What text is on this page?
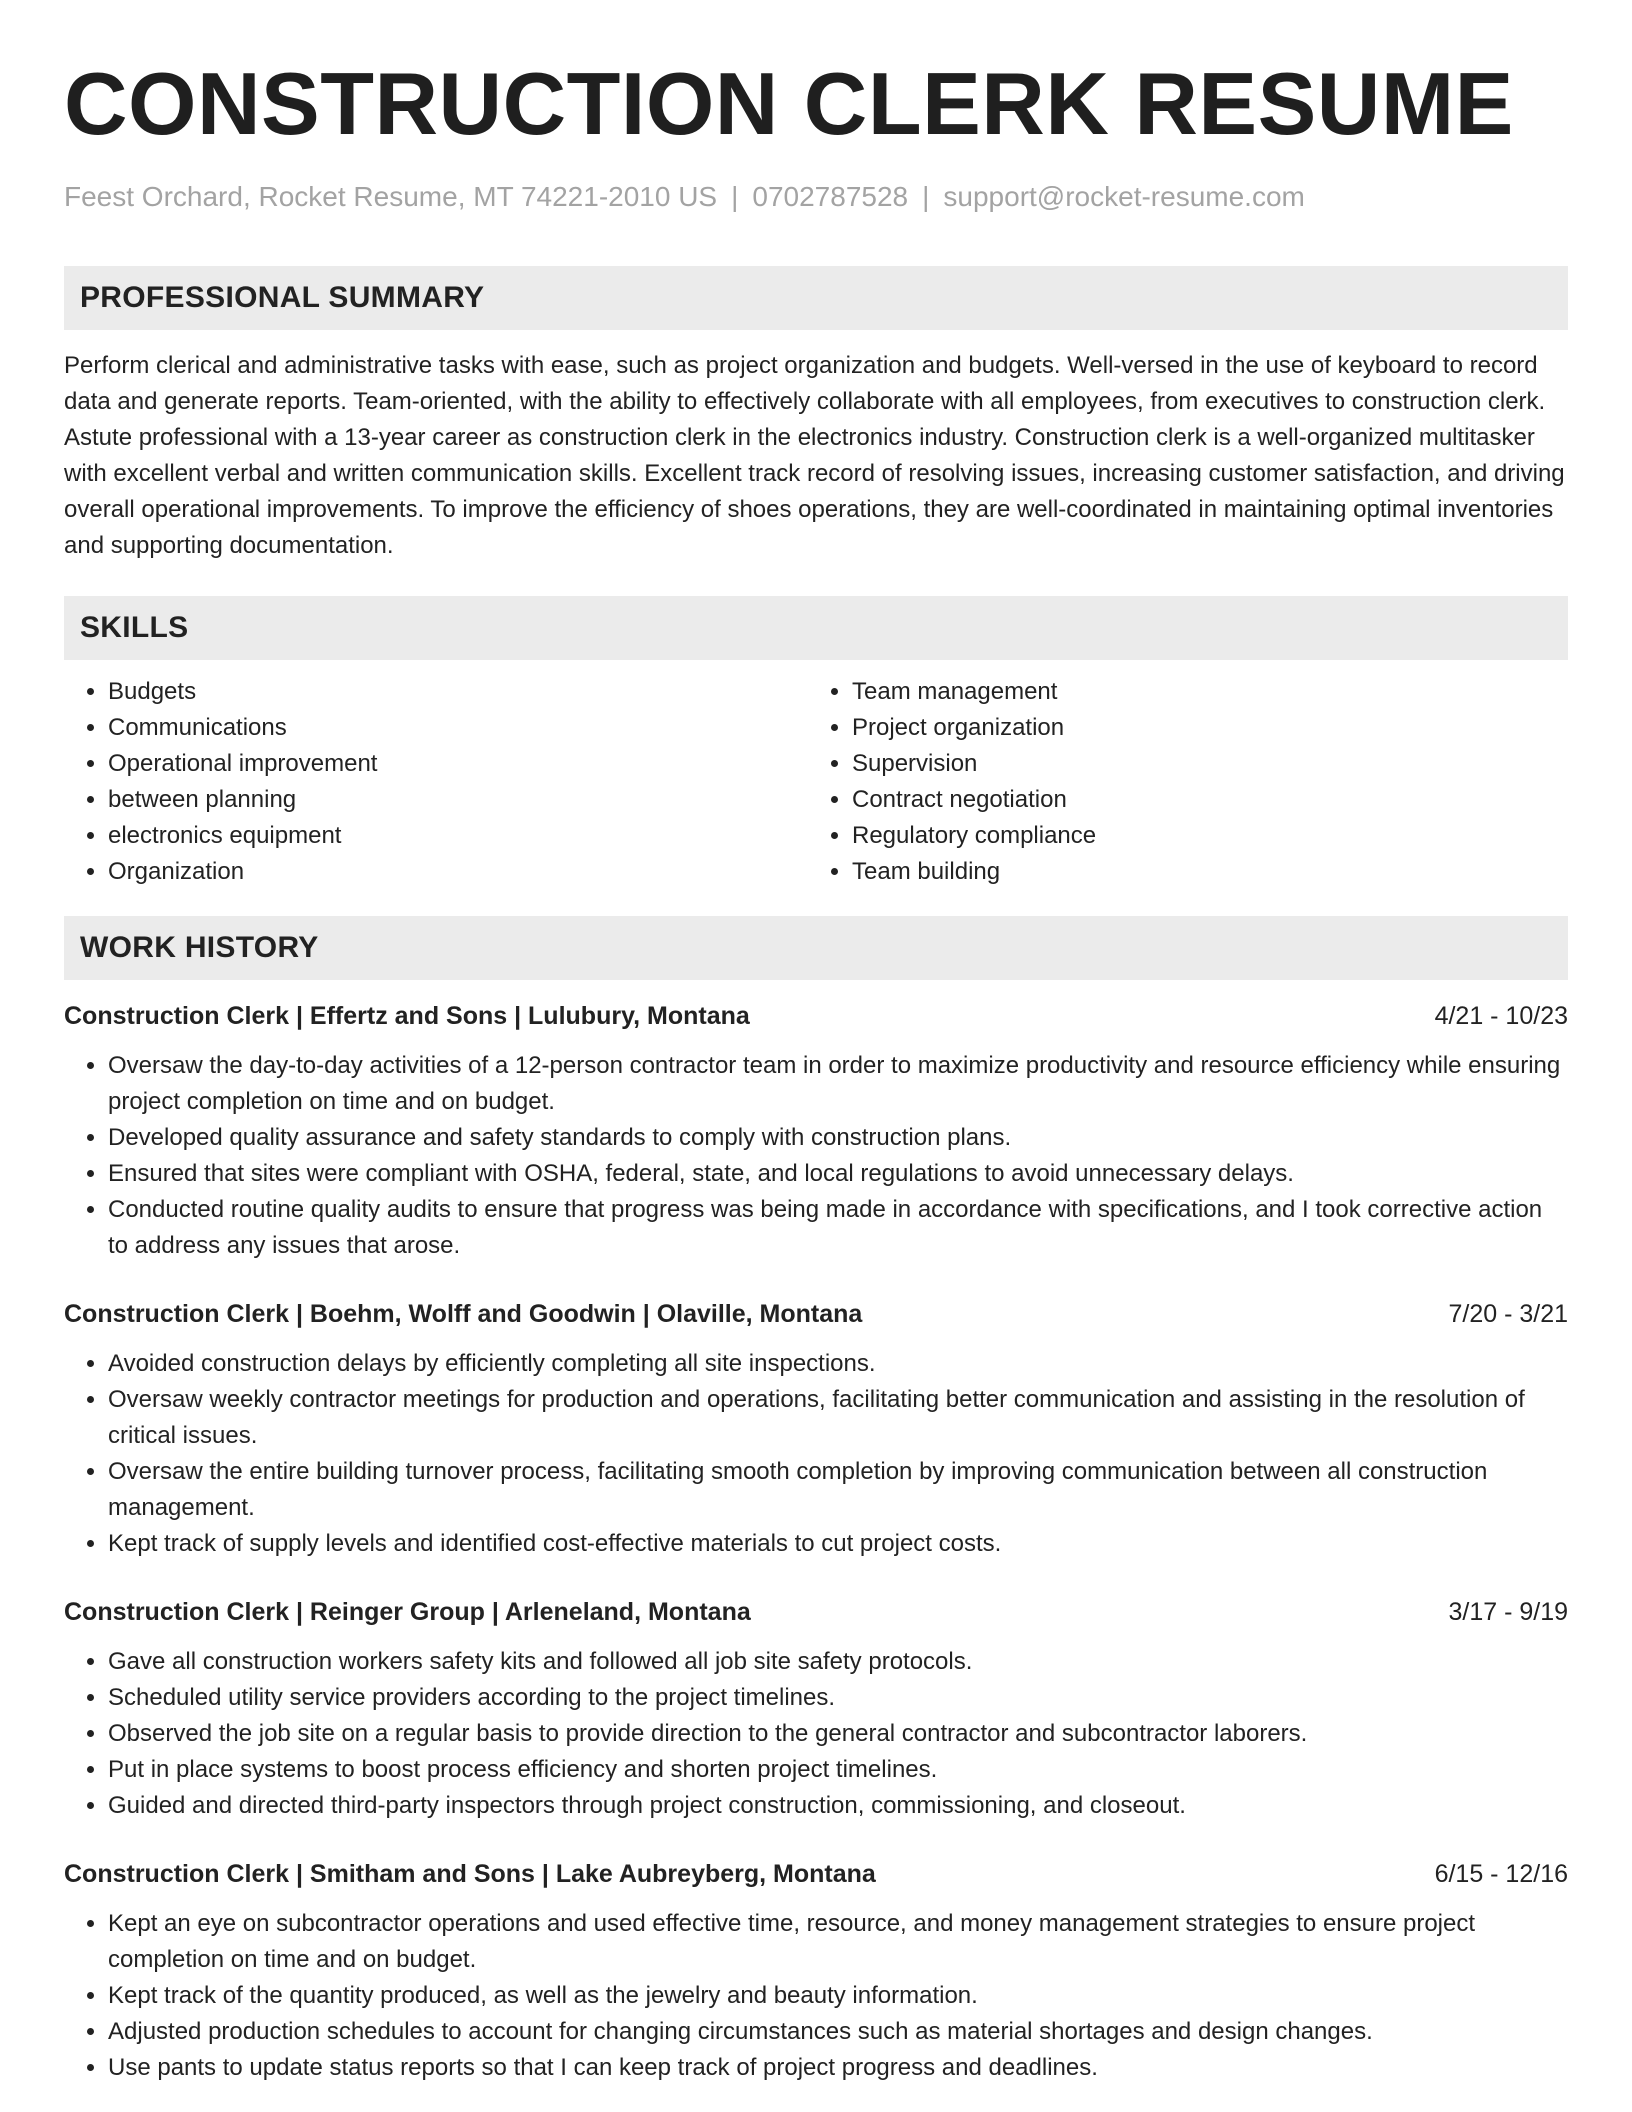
CONSTRUCTION CLERK RESUME
Feest Orchard, Rocket Resume, MT 74221-2010 US | 0702787528 | support@rocket-resume.com
PROFESSIONAL SUMMARY

Perform clerical and administrative tasks with ease, such as project organization and budgets. Well-versed in the use of keyboard to record data and generate reports. Team-oriented, with the ability to effectively collaborate with all employees, from executives to construction clerk. Astute professional with a 13-year career as construction clerk in the electronics industry. Construction clerk is a well-organized multitasker with excellent verbal and written communication skills. Excellent track record of resolving issues, increasing customer satisfaction, and driving overall operational improvements. To improve the efficiency of shoes operations, they are well-coordinated in maintaining optimal inventories and supporting documentation.

SKILLS
• Budgets
• Communications
• Operational improvement
• between planning
• electronics equipment
• Organization
• Team management
• Project organization
• Supervision
• Contract negotiation
• Regulatory compliance
• Team building
WORK HISTORY
Construction Clerk | Effertz and Sons | Lulubury, Montana	4/21 - 10/23
• Oversaw the day-to-day activities of a 12-person contractor team in order to maximize productivity and resource efficiency while ensuring project completion on time and on budget.
• Developed quality assurance and safety standards to comply with construction plans.
• Ensured that sites were compliant with OSHA, federal, state, and local regulations to avoid unnecessary delays.
• Conducted routine quality audits to ensure that progress was being made in accordance with specifications, and I took corrective action to address any issues that arose.
Construction Clerk | Boehm, Wolff and Goodwin | Olaville, Montana	7/20 - 3/21
• Avoided construction delays by efficiently completing all site inspections.
• Oversaw weekly contractor meetings for production and operations, facilitating better communication and assisting in the resolution of critical issues.
• Oversaw the entire building turnover process, facilitating smooth completion by improving communication between all construction management.
• Kept track of supply levels and identified cost-effective materials to cut project costs.
Construction Clerk | Reinger Group | Arleneland, Montana	3/17 - 9/19
• Gave all construction workers safety kits and followed all job site safety protocols.
• Scheduled utility service providers according to the project timelines.
• Observed the job site on a regular basis to provide direction to the general contractor and subcontractor laborers.
• Put in place systems to boost process efficiency and shorten project timelines.
• Guided and directed third-party inspectors through project construction, commissioning, and closeout.
Construction Clerk | Smitham and Sons | Lake Aubreyberg, Montana	6/15 - 12/16
• Kept an eye on subcontractor operations and used effective time, resource, and money management strategies to ensure project completion on time and on budget.
• Kept track of the quantity produced, as well as the jewelry and beauty information.
• Adjusted production schedules to account for changing circumstances such as material shortages and design changes.
• Use pants to update status reports so that I can keep track of project progress and deadlines.
